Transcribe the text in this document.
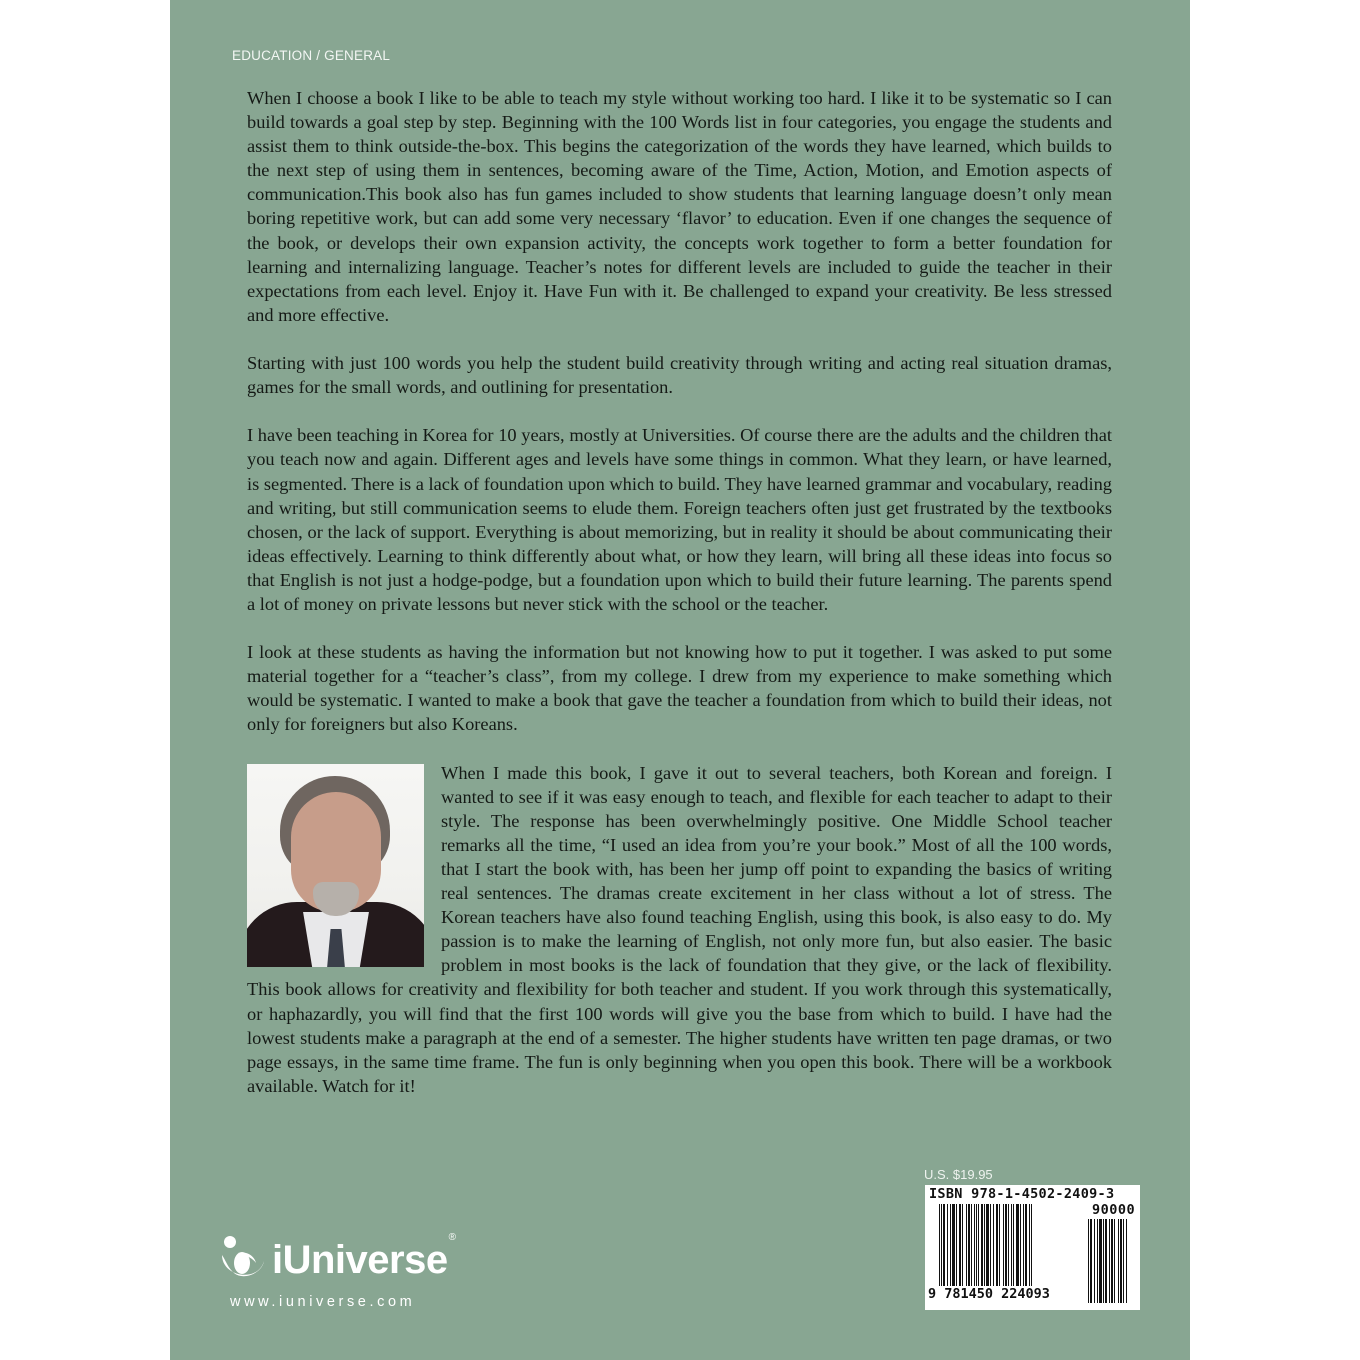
EDUCATION / GENERAL

When I choose a book I like to be able to teach my style without working too hard. I like it to be systematic so I can build towards a goal step by step. Beginning with the 100 Words list in four categories, you engage the students and assist them to think outside-the-box. This begins the categorization of the words they have learned, which builds to the next step of using them in sentences, becoming aware of the Time, Action, Motion, and Emotion aspects of communication.This book also has fun games included to show students that learning language doesn’t only mean boring repetitive work, but can add some very necessary ‘flavor’ to education. Even if one changes the sequence of the book, or develops their own expansion activity, the concepts work together to form a better foundation for learning and internalizing language. Teacher’s notes for different levels are included to guide the teacher in their expectations from each level. Enjoy it. Have Fun with it. Be challenged to expand your creativity. Be less stressed and more effective.

Starting with just 100 words you help the student build creativity through writing and acting real situation dramas, games for the small words, and outlining for presentation.

I have been teaching in Korea for 10 years, mostly at Universities. Of course there are the adults and the children that you teach now and again. Different ages and levels have some things in common. What they learn, or have learned, is segmented. There is a lack of foundation upon which to build. They have learned grammar and vocabulary, reading and writing, but still communication seems to elude them. Foreign teachers often just get frustrated by the textbooks chosen, or the lack of support. Everything is about memorizing, but in reality it should be about communicating their ideas effectively. Learning to think differently about what, or how they learn, will bring all these ideas into focus so that English is not just a hodge-podge, but a foundation upon which to build their future learning. The parents spend a lot of money on private lessons but never stick with the school or the teacher.

I look at these students as having the information but not knowing how to put it together. I was asked to put some material together for a “teacher’s class”, from my college. I drew from my experience to make something which would be systematic. I wanted to make a book that gave the teacher a foundation from which to build their ideas, not only for foreigners but also Koreans.

When I made this book, I gave it out to several teachers, both Korean and foreign. I wanted to see if it was easy enough to teach, and flexible for each teacher to adapt to their style. The response has been overwhelmingly positive. One Middle School teacher remarks all the time, “I used an idea from you’re your book.” Most of all the 100 words, that I start the book with, has been her jump off point to expanding the basics of writing real sentences. The dramas create excitement in her class without a lot of stress. The Korean teachers have also found teaching English, using this book, is also easy to do. My passion is to make the learning of English, not only more fun, but also easier. The basic problem in most books is the lack of foundation that they give, or the lack of flexibility. This book allows for creativity and flexibility for both teacher and student. If you work through this systematically, or haphazardly, you will find that the first 100 words will give you the base from which to build. I have had the lowest students make a paragraph at the end of a semester. The higher students have written ten page dramas, or two page essays, in the same time frame. The fun is only beginning when you open this book. There will be a workbook available. Watch for it!

iUniverse®
www.iuniverse.com
U.S. $19.95
ISBN 978-1-4502-2409-3
90000
9 781450 224093
